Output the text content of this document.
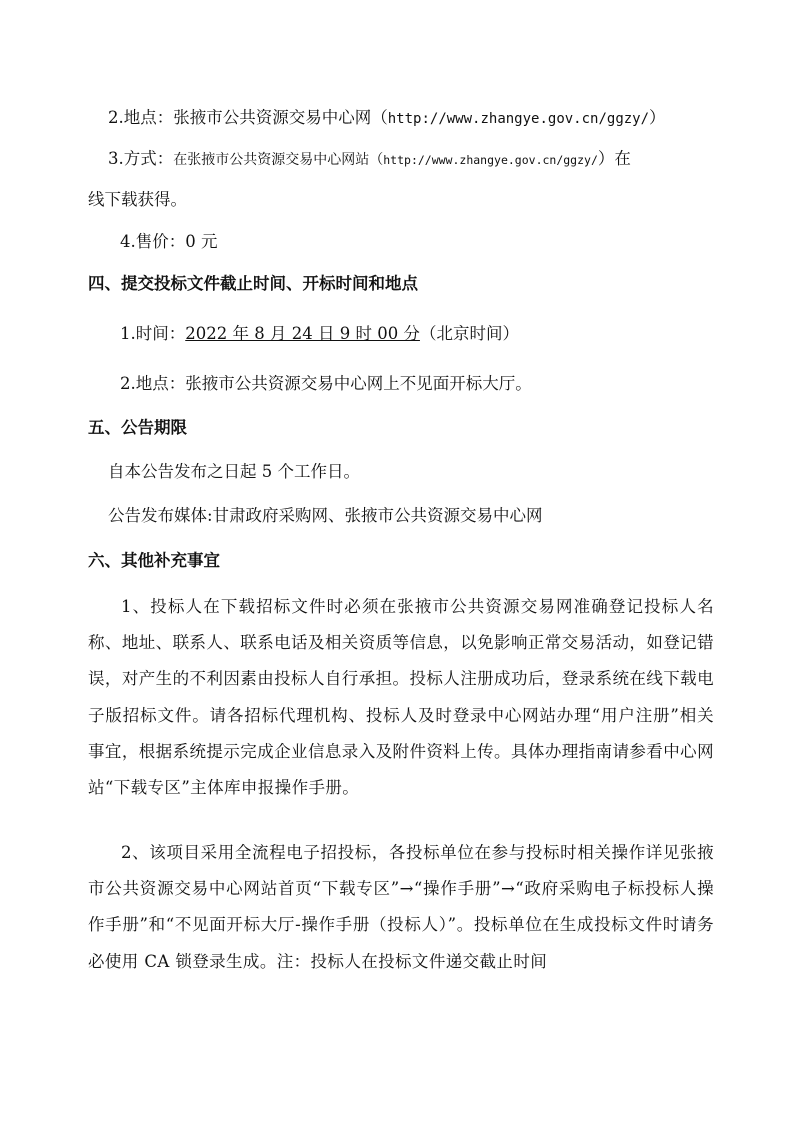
2.地点：张掖市公共资源交易中心网（http://www.zhangye.gov.cn/ggzy/）
3.方式：在张掖市公共资源交易中心网站（http://www.zhangye.gov.cn/ggzy/）在
线下载获得。
4.售价：0 元
四、提交投标文件截止时间、开标时间和地点
1.时间：2022 年 8 月 24 日 9 时 00 分（北京时间）
2.地点：张掖市公共资源交易中心网上不见面开标大厅。
五、公告期限
自本公告发布之日起 5 个工作日。
公告发布媒体:甘肃政府采购网、张掖市公共资源交易中心网
六、其他补充事宜
1、投标人在下载招标文件时必须在张掖市公共资源交易网准确登记投标人名称、地址、联系人、联系电话及相关资质等信息，以免影响正常交易活动，如登记错误，对产生的不利因素由投标人自行承担。投标人注册成功后，登录系统在线下载电子版招标文件。请各招标代理机构、投标人及时登录中心网站办理“用户注册”相关事宜，根据系统提示完成企业信息录入及附件资料上传。具体办理指南请参看中心网站“下载专区”主体库申报操作手册。
2、该项目采用全流程电子招投标，各投标单位在参与投标时相关操作详见张掖市公共资源交易中心网站首页“下载专区”→“操作手册”→“政府采购电子标投标人操作手册”和“不见面开标大厅-操作手册（投标人）”。投标单位在生成投标文件时请务必使用 CA 锁登录生成。注：投标人在投标文件递交截止时间
